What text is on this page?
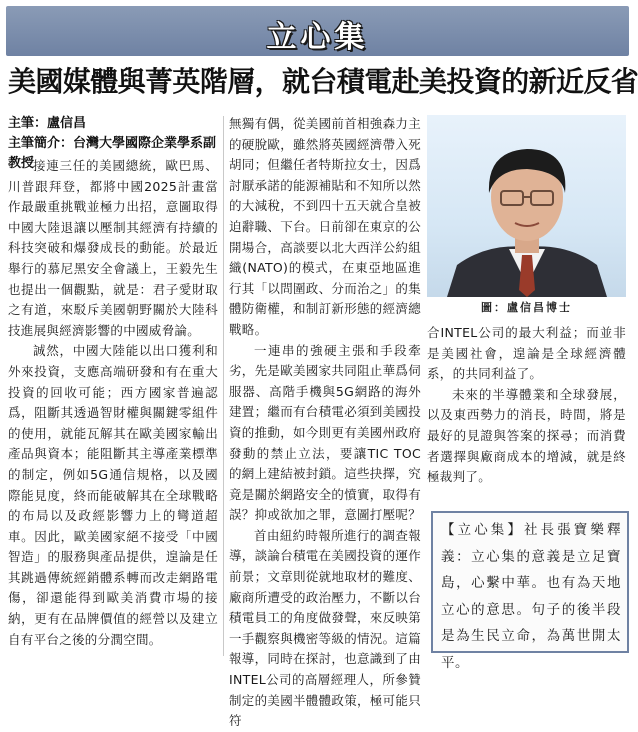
立心集
美國媒體與菁英階層，就台積電赴美投資的新近反省
主筆：盧信昌
主筆簡介：台灣大學國際企業學系副教授

接連三任的美國總統，歐巴馬、川普跟拜登，都將中國2025計畫當作最嚴重挑戰並極力出招，意圖取得中國大陸退讓以壓制其經濟有持續的科技突破和爆發成長的動能。於最近舉行的慕尼黑安全會議上，王毅先生也提出一個觀點，就是：君子愛財取之有道，來駁斥美國朝野關於大陸科技進展與經濟影響的中國威脅論。

誠然，中國大陸能以出口獲利和外來投資，支應高端研發和有在重大投資的回收可能；西方國家普遍認爲，阻斷其透過智財權與關鍵零組件的使用，就能瓦解其在歐美國家輸出產品與資本；能阻斷其主導產業標準的制定，例如5G通信規格，以及國際能見度，終而能破解其在全球戰略的布局以及政經影響力上的彎道超車。因此，歐美國家絕不接受「中國智造」的服務與產品提供，遑論是任其跳過傳統經銷體系轉而改走網路電傷，卻還能得到歐美消費市場的接納，更有在品牌價值的經營以及建立自有平台之後的分潤空間。

無獨有偶，從美國前首相強森力主的硬脫歐，雖然將英國經濟帶入死胡同；但繼任者特斯拉女士，因爲討厭承諾的能源補貼和不知所以然的大減稅，不到四十五天就合皇被迫辭職、下台。日前卻在東京的公開場合，高談要以北大西洋公約組織(NATO)的模式，在東亞地區進行其「以問圍政、分而治之」的集體防衛權，和制訂新形態的經濟總戰略。

一連串的強硬主張和手段牽劣，先是歐美國家共同阻止華爲伺服器、高階手機與5G網路的海外建置；繼而有台積電必須到美國投資的推動，如今則更有美國州政府發動的禁止立法，要讓TIC TOC的網上建結被封鎖。這些抉擇，究竟是關於網路安全的憤實，取得有誤？抑或欲加之罪，意圖打壓呢？

首由紐約時報所進行的調查報導，談論台積電在美國投資的運作前景；文章則從就地取材的難度、廠商所遭受的政治壓力，不斷以台積電員工的角度做發聲，來反映第一手觀察與機密等級的情況。這篇報導，同時在探討，也意識到了由INTEL公司的高層經理人，所參贊制定的美國半體體政策，極可能只符

圖：盧信昌博士

合INTEL公司的最大利益；而並非是美國社會，遑論是全球經濟體系，的共同利益了。

未來的半導體業和全球發展，以及東西勢力的消長，時間，將是最好的見證與答案的探尋；而消費者選擇與廠商成本的增減，就是終極裁判了。

【立心集】社長張寶樂釋義：立心集的意義是立足寶島，心繫中華。也有為天地立心的意思。句子的後半段是為生民立命，為萬世開太平。
